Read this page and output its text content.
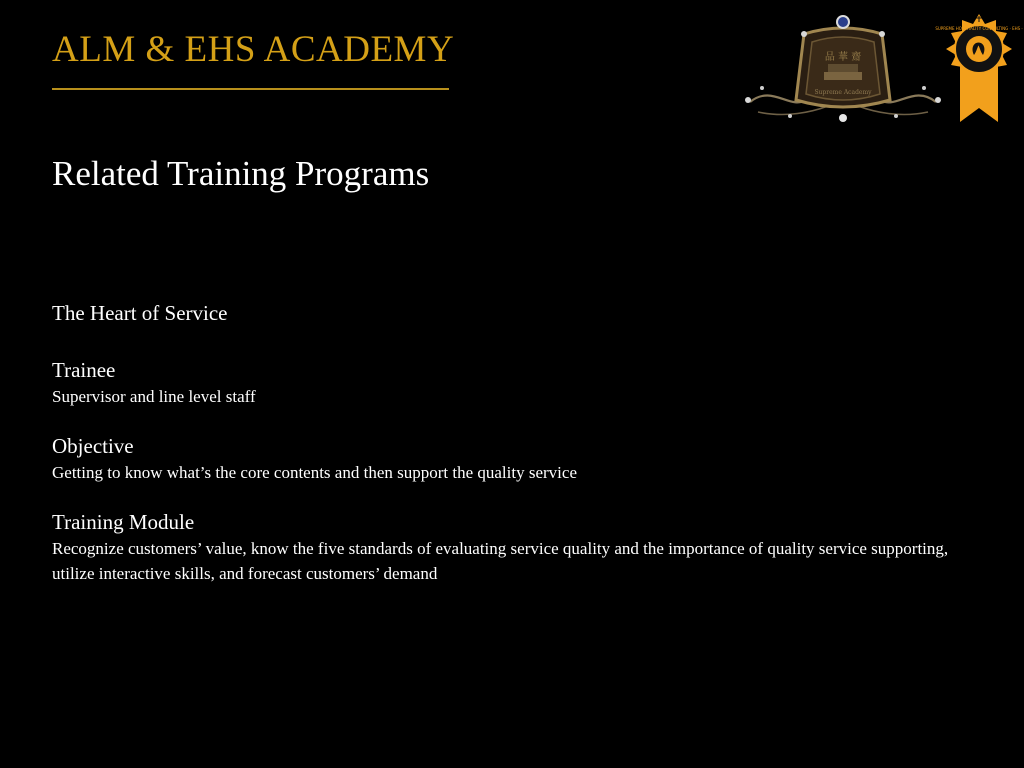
ALM & EHS ACADEMY	品 華 齋
Supreme Academy
SUPREME HOSPITALITY CONSULTING · EHS ·
Related Training Programs
The Heart of Service
Trainee
Supervisor and line level staff
Objective
Getting to know what’s the core contents and then support the quality service
Training Module
Recognize customers’ value, know the five standards of evaluating service quality and the importance of quality service supporting, utilize interactive skills, and forecast customers’ demand
